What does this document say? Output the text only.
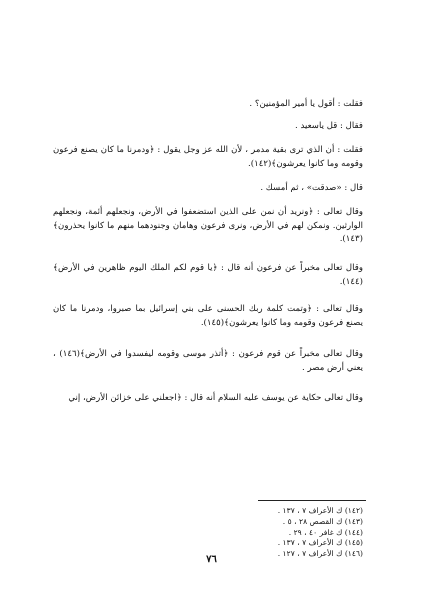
فقلت : أقول يا أمير المؤمنين؟ .

فقال : قل ياسعيد .

فقلت : أن الذي ترى بقية مدمر ، لأن الله عز وجل يقول : ﴿ودمرنا ما كان يصنع فرعون وقومه وما كانوا يعرشون﴾(١٤٢).

قال : «صدقت» ، ثم أمسك .

وقال تعالى : ﴿ونريد أن نمن على الذين استضعفوا في الأرض، ونجعلهم أئمة، ونجعلهم الوارثين. ونمكن لهم في الأرض، ونرى فرعون وهامان وجنودهما منهم ما كانوا يحذرون﴾(١٤٣).

وقال تعالى مخبراً عن فرعون أنه قال : ﴿يا قوم لكم الملك اليوم ظاهرين في الأرض﴾(١٤٤).

وقال تعالى : ﴿وتمت كلمة ربك الحسنى على بني إسرائيل بما صبروا، ودمرنا ما كان يصنع فرعون وقومه وما كانوا يعرشون﴾(١٤٥).

وقال تعالى مخبراً عن قوم فرعون : ﴿أتذر موسى وقومه ليفسدوا في الأرض﴾(١٤٦) ، يعني أرض مصر .

وقال تعالى حكاية عن يوسف عليه السلام أنه قال : ﴿اجعلني على خزائن الأرض، إني

(١٤٢) ك الأعراف ٧ ، ١٣٧ .
(١٤٣) ك القصص ٢٨ ، ٥ .
(١٤٤) ك غافر ٤٠ ، ٢٩ .
(١٤٥) ك الأعراف ٧ ، ١٣٧ .
(١٤٦) ك الأعراف ٧ ، ١٢٧ .
٧٦
